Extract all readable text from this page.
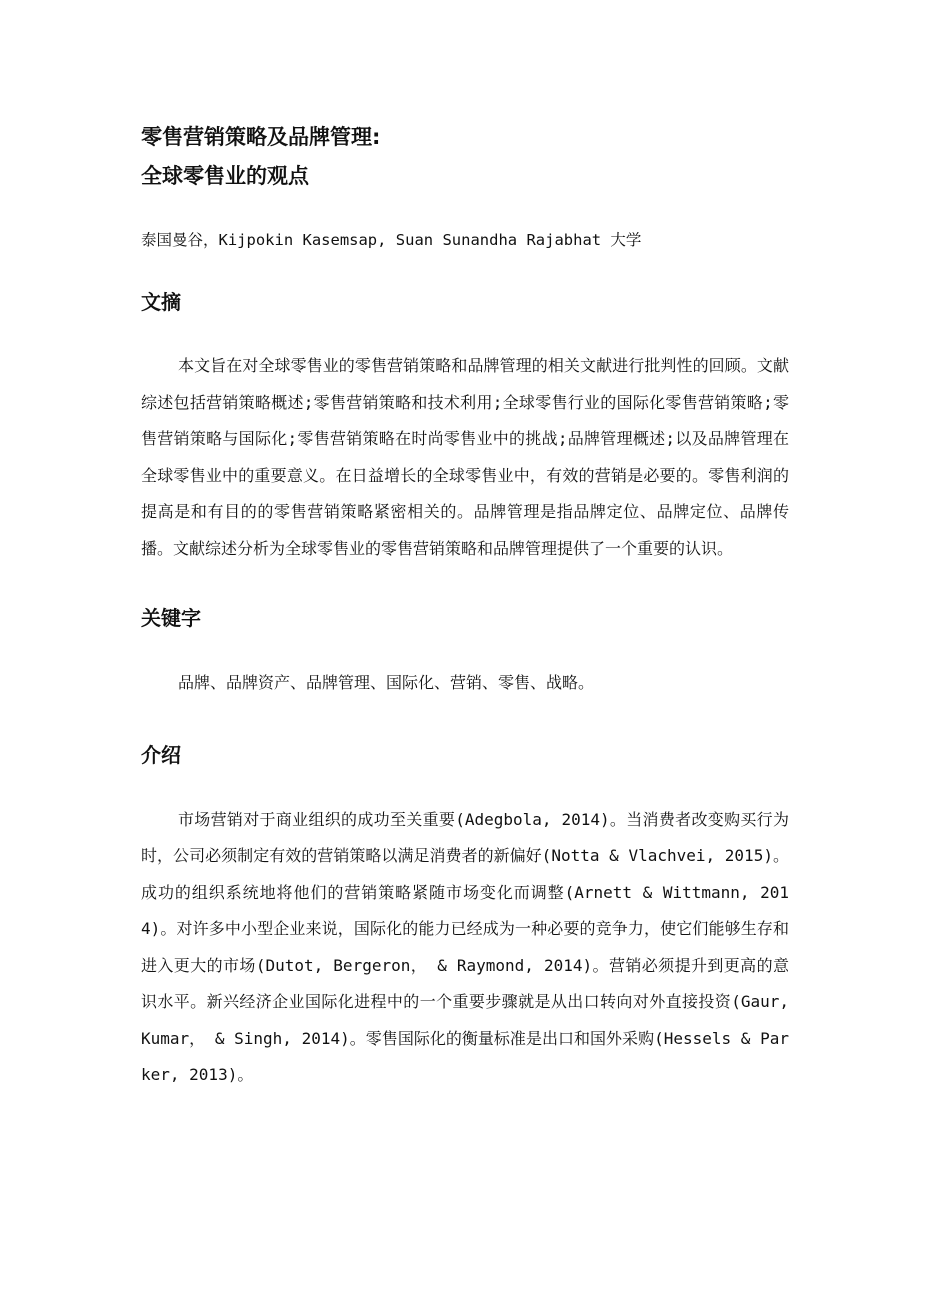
零售营销策略及品牌管理:
全球零售业的观点
泰国曼谷，Kijpokin Kasemsap, Suan Sunandha Rajabhat 大学
文摘

本文旨在对全球零售业的零售营销策略和品牌管理的相关文献进行批判性的回顾。文献综述包括营销策略概述;零售营销策略和技术利用;全球零售行业的国际化零售营销策略;零售营销策略与国际化;零售营销策略在时尚零售业中的挑战;品牌管理概述;以及品牌管理在全球零售业中的重要意义。在日益增长的全球零售业中，有效的营销是必要的。零售利润的提高是和有目的的零售营销策略紧密相关的。品牌管理是指品牌定位、品牌定位、品牌传播。文献综述分析为全球零售业的零售营销策略和品牌管理提供了一个重要的认识。

关键字

品牌、品牌资产、品牌管理、国际化、营销、零售、战略。

介绍

市场营销对于商业组织的成功至关重要(Adegbola, 2014)。当消费者改变购买行为时，公司必须制定有效的营销策略以满足消费者的新偏好(Notta & Vlachvei, 2015)。成功的组织系统地将他们的营销策略紧随市场变化而调整(Arnett & Wittmann, 2014)。对许多中小型企业来说，国际化的能力已经成为一种必要的竞争力，使它们能够生存和进入更大的市场(Dutot, Bergeron， & Raymond, 2014)。营销必须提升到更高的意识水平。新兴经济企业国际化进程中的一个重要步骤就是从出口转向对外直接投资(Gaur, Kumar， & Singh, 2014)。零售国际化的衡量标准是出口和国外采购(Hessels & Parker, 2013)。
